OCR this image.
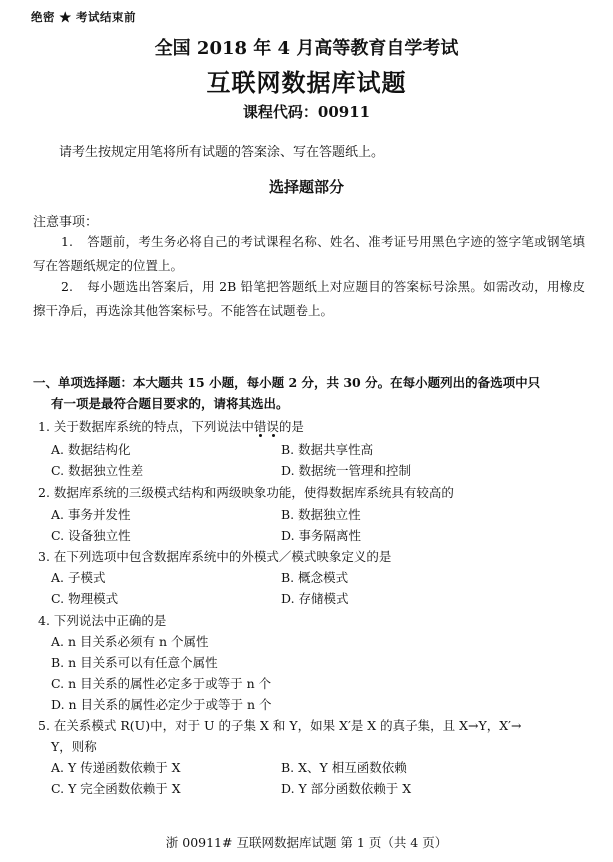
绝密 ★ 考试结束前
全国 2018 年 4 月高等教育自学考试
互联网数据库试题
课程代码：00911
请考生按规定用笔将所有试题的答案涂、写在答题纸上。
选择题部分
注意事项：
1. 答题前，考生务必将自己的考试课程名称、姓名、准考证号用黑色字迹的签字笔或钢笔填写在答题纸规定的位置上。
2. 每小题选出答案后，用 2B 铅笔把答题纸上对应题目的答案标号涂黑。如需改动，用橡皮擦干净后，再选涂其他答案标号。不能答在试题卷上。
一、单项选择题：本大题共 15 小题，每小题 2 分，共 30 分。在每小题列出的备选项中只
有一项是最符合题目要求的，请将其选出。
1. 关于数据库系统的特点，下列说法中错误
的是
A. 数据结构化	B. 数据共享性高
C. 数据独立性差	D. 数据统一管理和控制
2. 数据库系统的三级模式结构和两级映象功能，使得数据库系统具有较高的
A. 事务并发性	B. 数据独立性
C. 设备独立性	D. 事务隔离性
3. 在下列选项中包含数据库系统中的外模式／模式映象定义的是
A. 子模式	B. 概念模式
C. 物理模式	D. 存储模式
4. 下列说法中正确的是
A. n 目关系必须有 n 个属性
B. n 目关系可以有任意个属性
C. n 目关系的属性必定多于或等于 n 个
D. n 目关系的属性必定少于或等于 n 个
5. 在关系模式 R(U)中，对于 U 的子集 X 和 Y，如果 X′是 X 的真子集，且 X→Y，X′→
Y，则称
A. Y 传递函数依赖于 X	B. X、Y 相互函数依赖
C. Y 完全函数依赖于 X	D. Y 部分函数依赖于 X
浙 00911# 互联网数据库试题 第 1 页（共 4 页）
